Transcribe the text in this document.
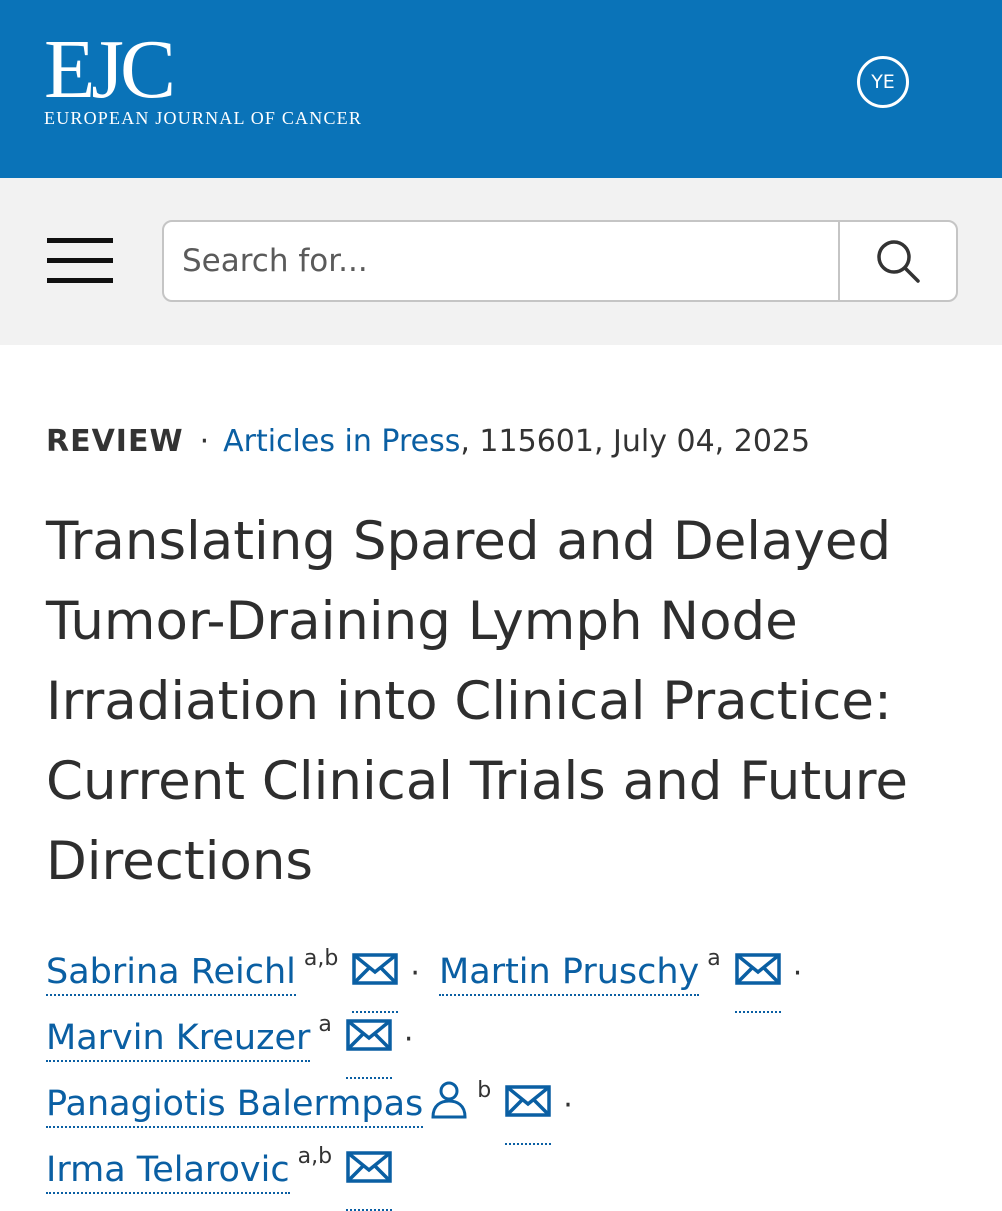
EJC
EUROPEAN JOURNAL OF CANCER
YE
Search for...
REVIEW · Articles in Press, 115601, July 04, 2025
Translating Spared and Delayed Tumor-Draining Lymph Node Irradiation into Clinical Practice: Current Clinical Trials and Future Directions
Sabrina Reichl $^{a,b}$ · Martin Pruschy $^a$ ·
Marvin Kreuzer $^a$ ·
Panagiotis Balermpas $^b$ ·
Irma Telarovic $^{a,b}$
